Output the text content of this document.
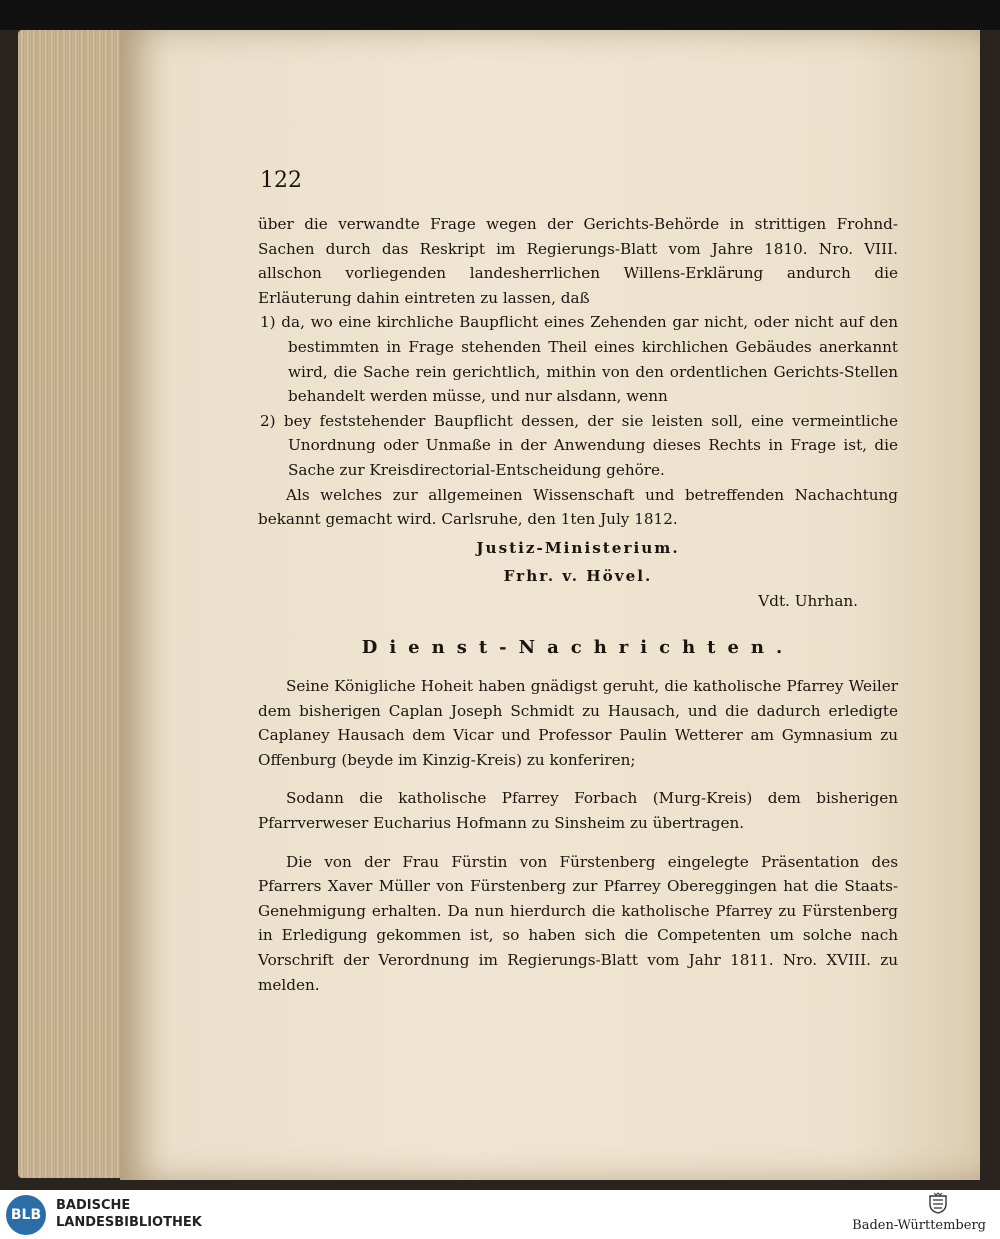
122

über die verwandte Frage wegen der Gerichts-Behörde in strittigen Frohnd-Sachen durch das Reskript im Regierungs-Blatt vom Jahre 1810. Nro. VIII. allschon vorliegenden landesherrlichen Willens-Erklärung andurch die Erläuterung dahin eintreten zu lassen, daß

1) da, wo eine kirchliche Baupflicht eines Zehenden gar nicht, oder nicht auf den bestimmten in Frage stehenden Theil eines kirchlichen Gebäudes anerkannt wird, die Sache rein gerichtlich, mithin von den ordentlichen Gerichts-Stellen behandelt werden müsse, und nur alsdann, wenn

2) bey feststehender Baupflicht dessen, der sie leisten soll, eine vermeintliche Unordnung oder Unmaße in der Anwendung dieses Rechts in Frage ist, die Sache zur Kreisdirectorial-Entscheidung gehöre.

Als welches zur allgemeinen Wissenschaft und betreffenden Nachachtung bekannt gemacht wird. Carlsruhe, den 1ten July 1812.

Justiz-Ministerium.
Frhr. v. Hövel.
Vdt. Uhrhan.
Dienst-Nachrichten.

Seine Königliche Hoheit haben gnädigst geruht, die katholische Pfarrey Weiler dem bisherigen Caplan Joseph Schmidt zu Hausach, und die dadurch erledigte Caplaney Hausach dem Vicar und Professor Paulin Wetterer am Gymnasium zu Offenburg (beyde im Kinzig-Kreis) zu konferiren;

Sodann die katholische Pfarrey Forbach (Murg-Kreis) dem bisherigen Pfarrverweser Eucharius Hofmann zu Sinsheim zu übertragen.

Die von der Frau Fürstin von Fürstenberg eingelegte Präsentation des Pfarrers Xaver Müller von Fürstenberg zur Pfarrey Obereggingen hat die Staats-Genehmigung erhalten. Da nun hierdurch die katholische Pfarrey zu Fürstenberg in Erledigung gekommen ist, so haben sich die Competenten um solche nach Vorschrift der Verordnung im Regierungs-Blatt vom Jahr 1811. Nro. XVIII. zu melden.

BLB
BADISCHE
LANDESBIBLIOTHEK	Baden-Württemberg
